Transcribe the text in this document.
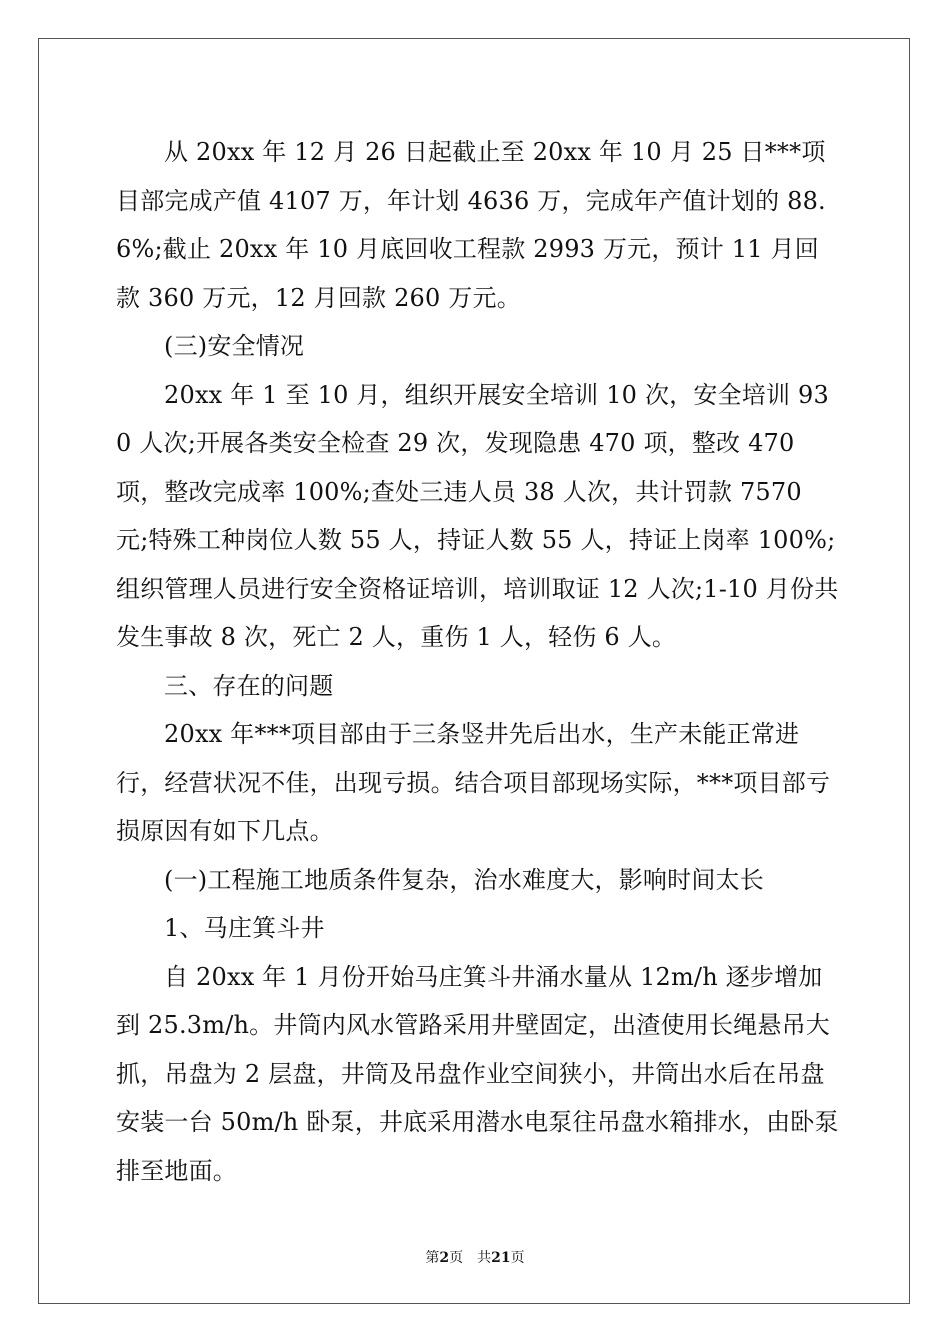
从 20xx 年 12 月 26 日起截止至 20xx 年 10 月 25 日***项目部完成产值 4107 万，年计划 4636 万，完成年产值计划的 88.6%;截止 20xx 年 10 月底回收工程款 2993 万元，预计 11 月回款 360 万元，12 月回款 260 万元。

(三)安全情况

20xx 年 1 至 10 月，组织开展安全培训 10 次，安全培训 930 人次;开展各类安全检查 29 次，发现隐患 470 项，整改 470 项，整改完成率 100%;查处三违人员 38 人次，共计罚款 7570 元;特殊工种岗位人数 55 人，持证人数 55 人，持证上岗率 100%;组织管理人员进行安全资格证培训，培训取证 12 人次;1-10 月份共发生事故 8 次，死亡 2 人，重伤 1 人，轻伤 6 人。

三、存在的问题

20xx 年***项目部由于三条竖井先后出水，生产未能正常进行，经营状况不佳，出现亏损。结合项目部现场实际，***项目部亏损原因有如下几点。

(一)工程施工地质条件复杂，治水难度大，影响时间太长

1、马庄箕斗井

自 20xx 年 1 月份开始马庄箕斗井涌水量从 12m/h 逐步增加到 25.3m/h。井筒内风水管路采用井壁固定，出渣使用长绳悬吊大抓，吊盘为 2 层盘，井筒及吊盘作业空间狭小，井筒出水后在吊盘安装一台 50m/h 卧泵，井底采用潜水电泵往吊盘水箱排水，由卧泵排至地面。

第2页 共21页
